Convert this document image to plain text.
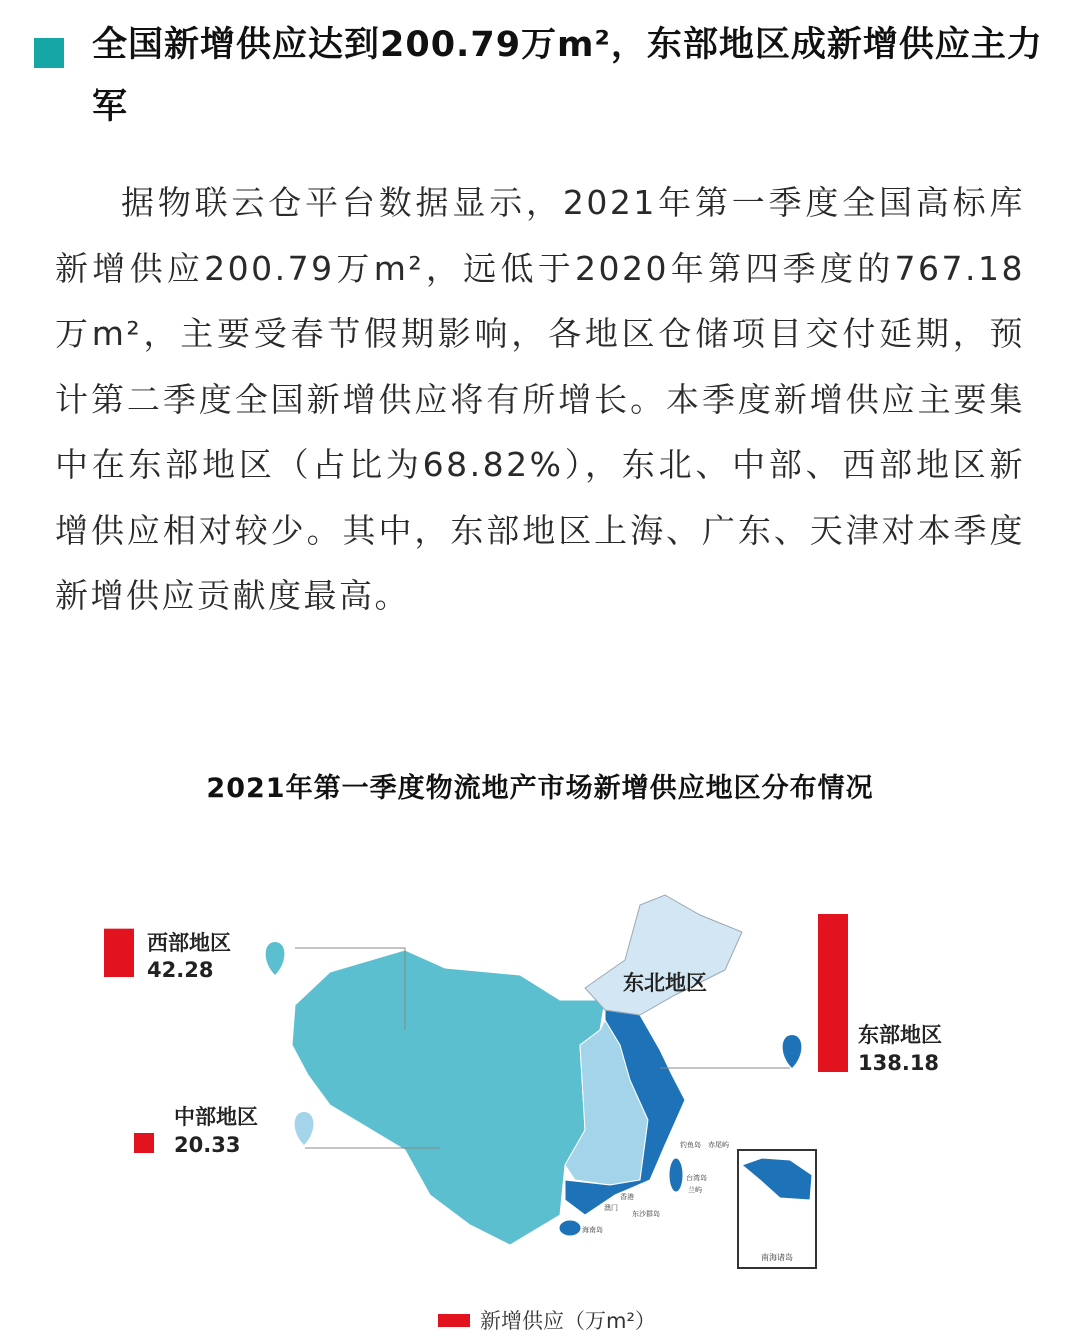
全国新增供应达到200.79万m²，东部地区成新增供应主力军

据物联云仓平台数据显示，2021年第一季度全国高标库新增供应200.79万m²，远低于2020年第四季度的767.18万m²，主要受春节假期影响，各地区仓储项目交付延期，预计第二季度全国新增供应将有所增长。本季度新增供应主要集中在东部地区（占比为68.82%），东北、中部、西部地区新增供应相对较少。其中，东部地区上海、广东、天津对本季度新增供应贡献度最高。

2021年第一季度物流地产市场新增供应地区分布情况
南海诸岛
东北地区
钓鱼岛 赤尾屿
台湾岛
兰屿
东沙群岛
海南岛
香港
澳门
西部地区
42.28
中部地区
20.33
东部地区
138.18
新增供应（万m²）
